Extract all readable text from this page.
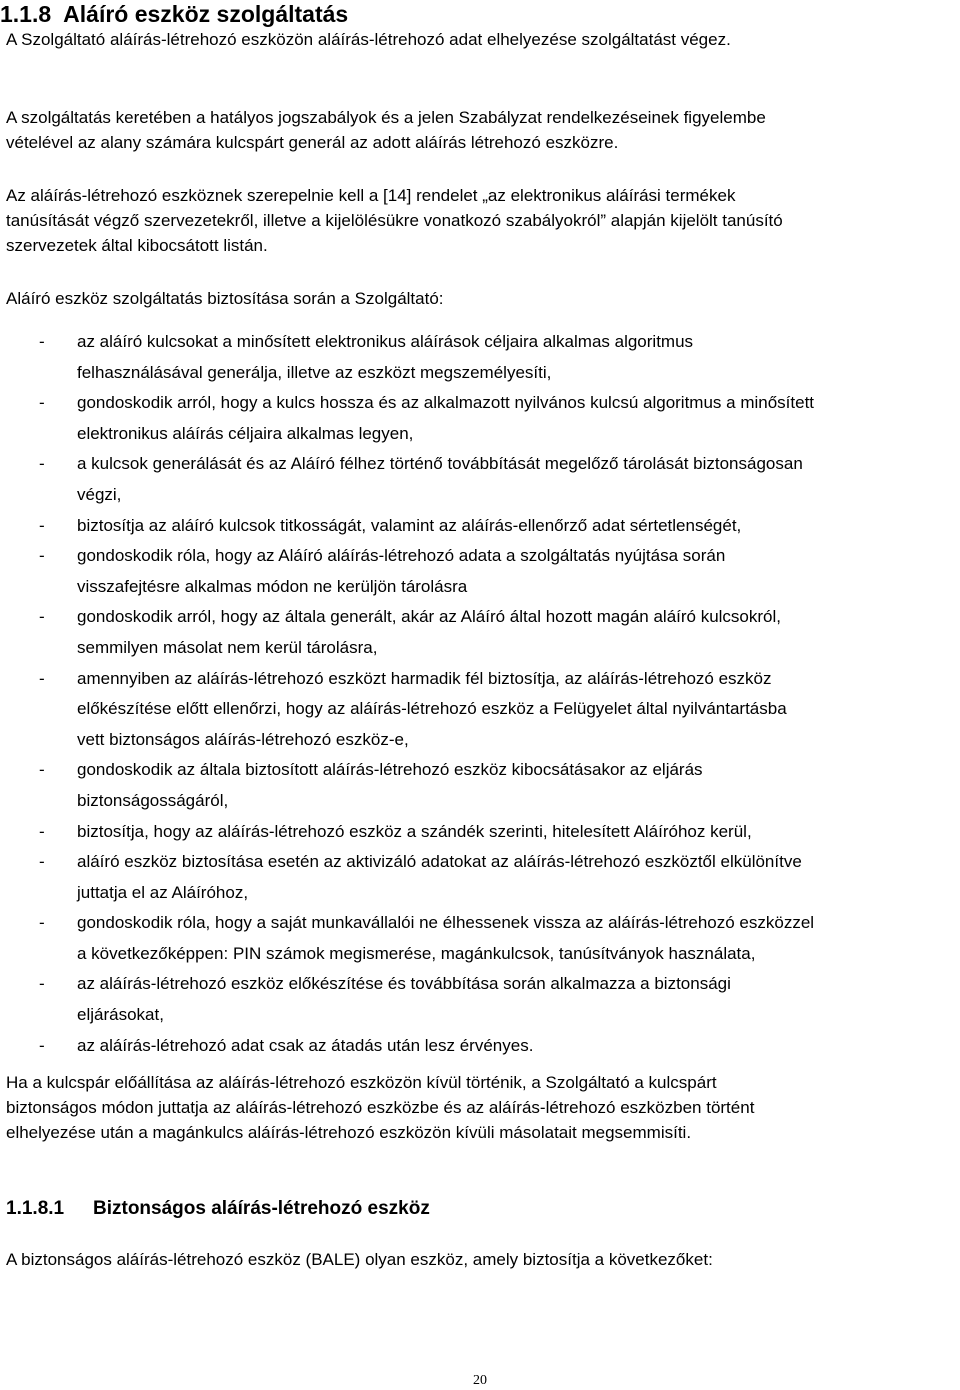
1.1.8 Aláíró eszköz szolgáltatás
A Szolgáltató aláírás-létrehozó eszközön aláírás-létrehozó adat elhelyezése szolgáltatást végez.
A szolgáltatás keretében a hatályos jogszabályok és a jelen Szabályzat rendelkezéseinek figyelembe
vételével az alany számára kulcspárt generál az adott aláírás létrehozó eszközre.
Az aláírás-létrehozó eszköznek szerepelnie kell a [14] rendelet „az elektronikus aláírási termékek
tanúsítását végző szervezetekről, illetve a kijelölésükre vonatkozó szabályokról” alapján kijelölt tanúsító
szervezetek által kibocsátott listán.
Aláíró eszköz szolgáltatás biztosítása során a Szolgáltató:
- az aláíró kulcsokat a minősített elektronikus aláírások céljaira alkalmas algoritmus
felhasználásával generálja, illetve az eszközt megszemélyesíti,
- gondoskodik arról, hogy a kulcs hossza és az alkalmazott nyilvános kulcsú algoritmus a minősített
elektronikus aláírás céljaira alkalmas legyen,
- a kulcsok generálását és az Aláíró félhez történő továbbítását megelőző tárolását biztonságosan
végzi,
- biztosítja az aláíró kulcsok titkosságát, valamint az aláírás-ellenőrző adat sértetlenségét,
- gondoskodik róla, hogy az Aláíró aláírás-létrehozó adata a szolgáltatás nyújtása során
visszafejtésre alkalmas módon ne kerüljön tárolásra
- gondoskodik arról, hogy az általa generált, akár az Aláíró által hozott magán aláíró kulcsokról,
semmilyen másolat nem kerül tárolásra,
- amennyiben az aláírás-létrehozó eszközt harmadik fél biztosítja, az aláírás-létrehozó eszköz
előkészítése előtt ellenőrzi, hogy az aláírás-létrehozó eszköz a Felügyelet által nyilvántartásba
vett biztonságos aláírás-létrehozó eszköz-e,
- gondoskodik az általa biztosított aláírás-létrehozó eszköz kibocsátásakor az eljárás
biztonságosságáról,
- biztosítja, hogy az aláírás-létrehozó eszköz a szándék szerinti, hitelesített Aláíróhoz kerül,
- aláíró eszköz biztosítása esetén az aktivizáló adatokat az aláírás-létrehozó eszköztől elkülönítve
juttatja el az Aláíróhoz,
- gondoskodik róla, hogy a saját munkavállalói ne élhessenek vissza az aláírás-létrehozó eszközzel
a következőképpen: PIN számok megismerése, magánkulcsok, tanúsítványok használata,
- az aláírás-létrehozó eszköz előkészítése és továbbítása során alkalmazza a biztonsági
eljárásokat,
- az aláírás-létrehozó adat csak az átadás után lesz érvényes.
Ha a kulcspár előállítása az aláírás-létrehozó eszközön kívül történik, a Szolgáltató a kulcspárt
biztonságos módon juttatja az aláírás-létrehozó eszközbe és az aláírás-létrehozó eszközben történt
elhelyezése után a magánkulcs aláírás-létrehozó eszközön kívüli másolatait megsemmisíti.
1.1.8.1 Biztonságos aláírás-létrehozó eszköz
A biztonságos aláírás-létrehozó eszköz (BALE) olyan eszköz, amely biztosítja a következőket:
20
